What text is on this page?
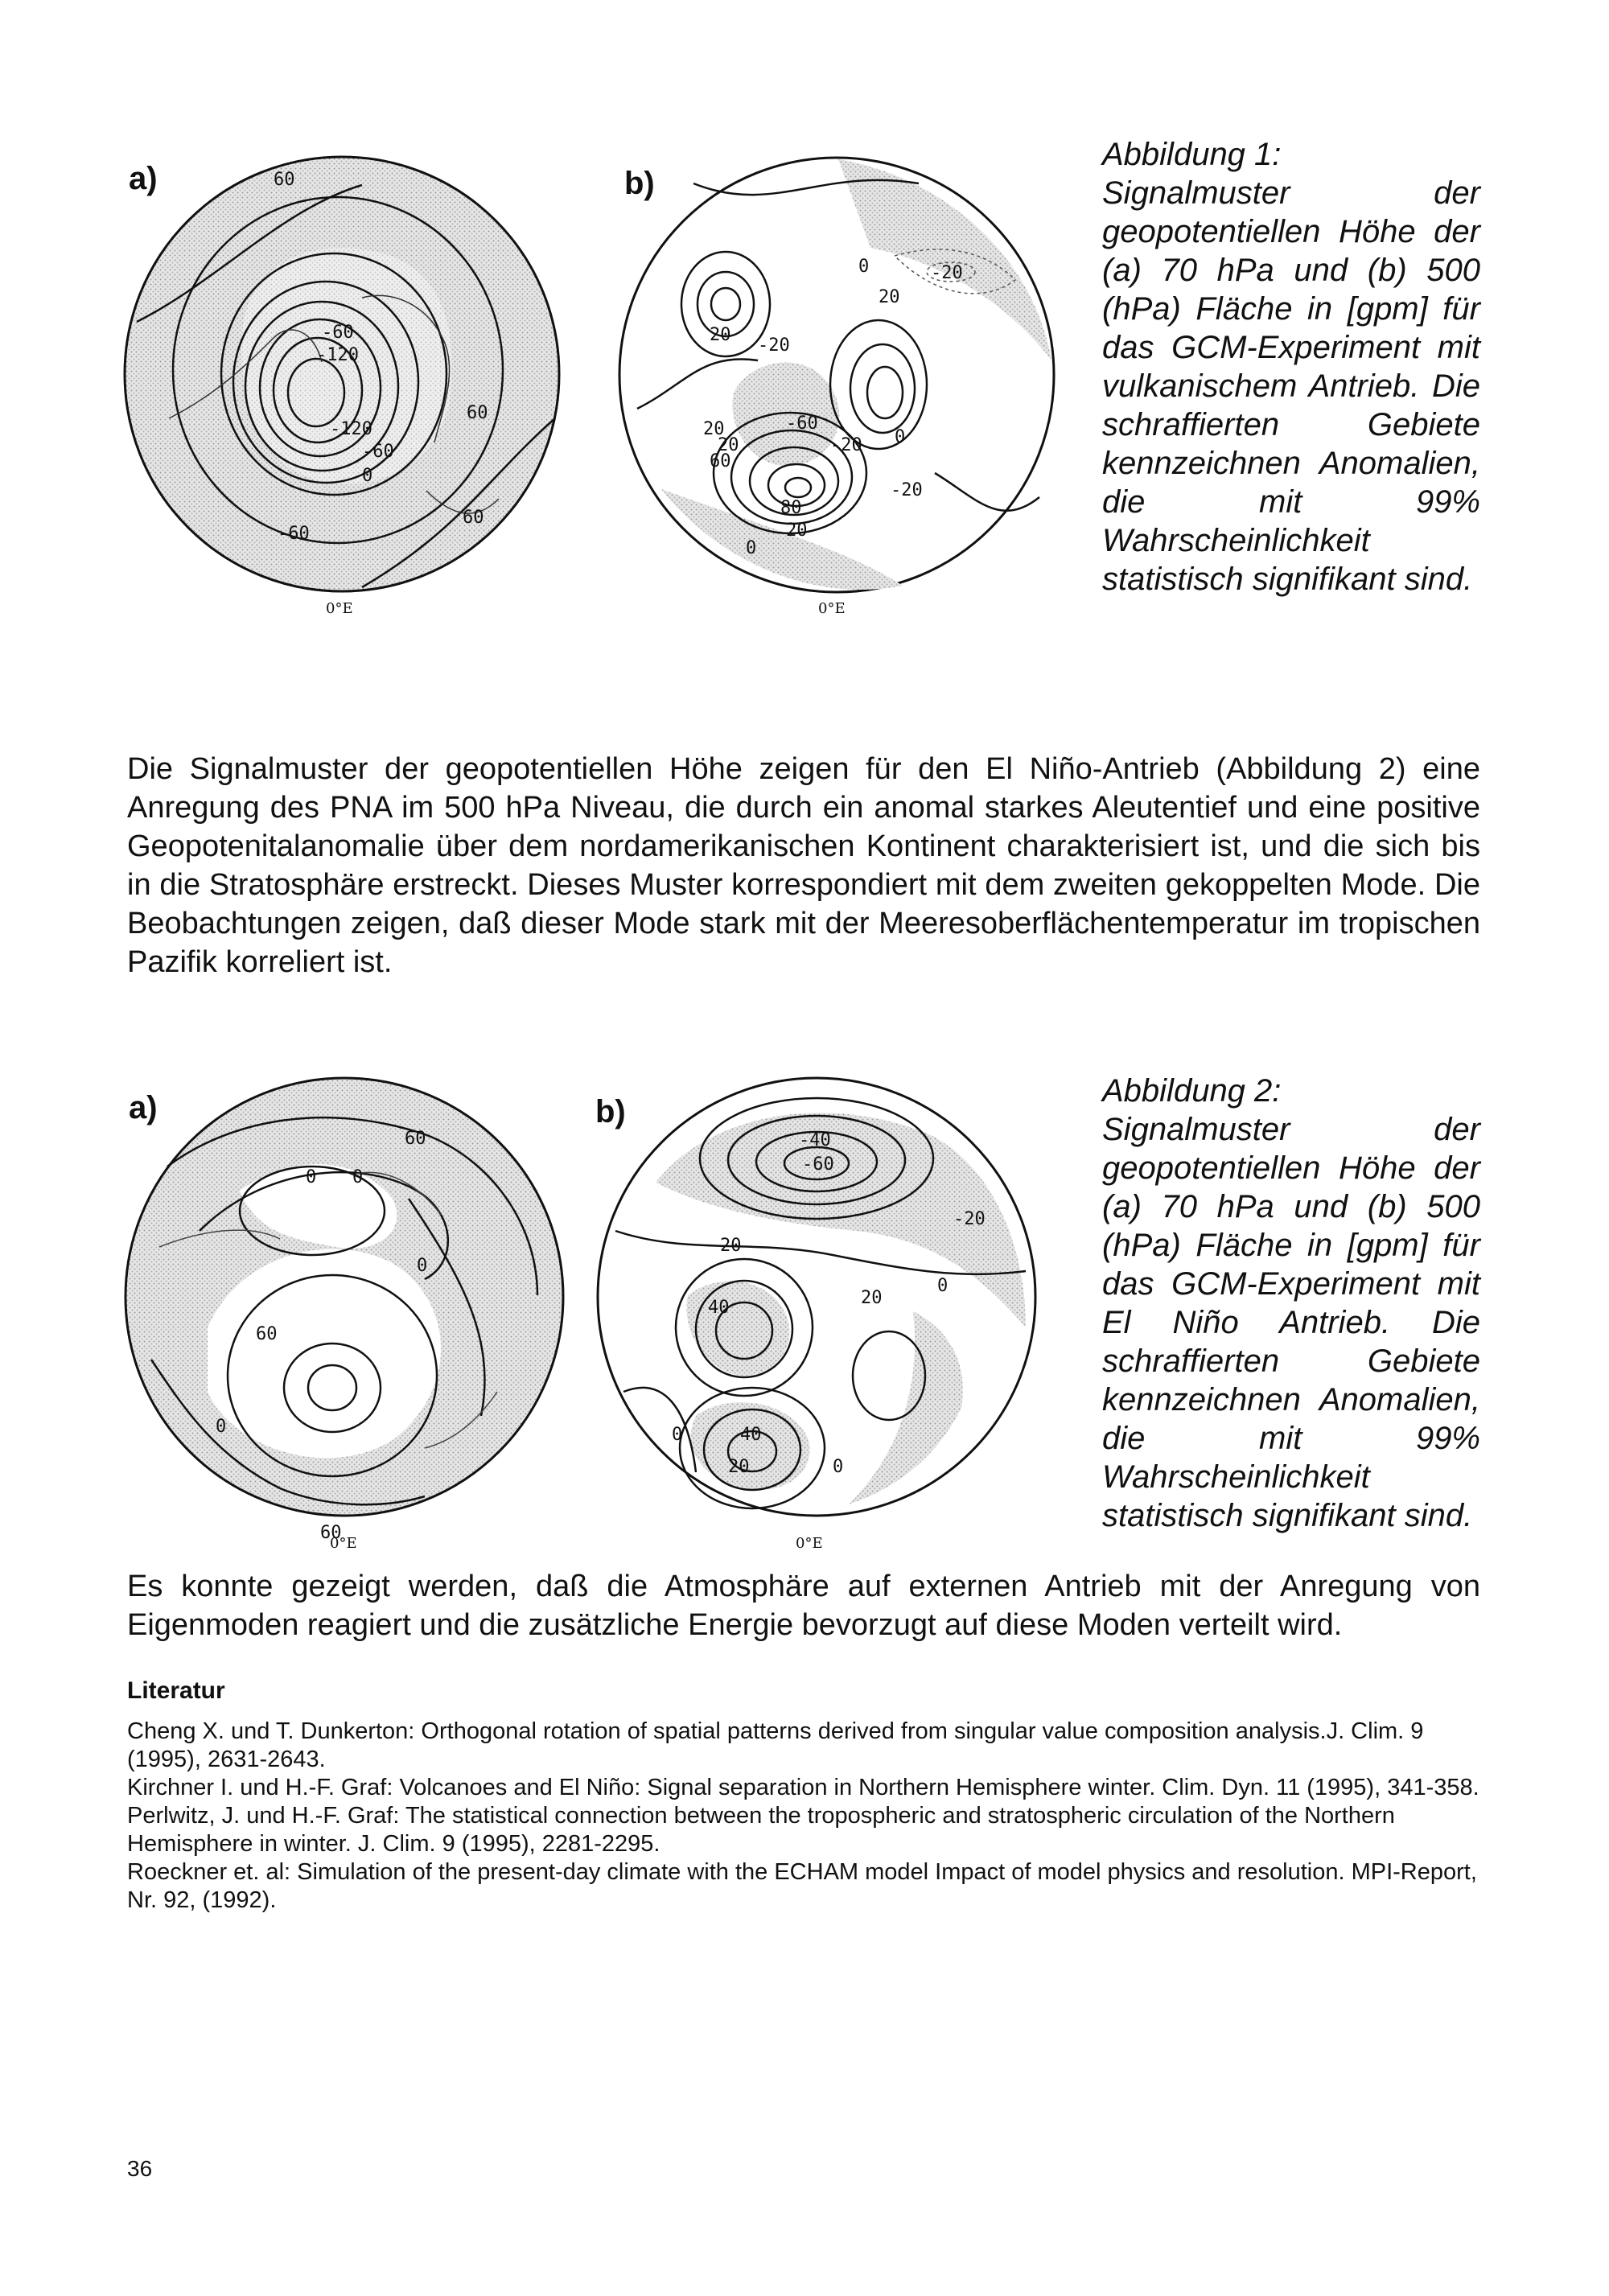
a)	b)
60
-60
-120
-120
-60
0
60
-60
60
0°E
0	-20
20
20
-20
20	-60
20	-20
60
0
-20
80
20
0
0°E
Abbildung 1:
Signalmuster der geopotentiellen Höhe der (a) 70 hPa und (b) 500 (hPa) Fläche in [gpm] für das GCM-Experiment mit vulkanischem Antrieb. Die schraffierten Gebiete kennzeichnen Anomalien, die mit 99% Wahrscheinlichkeit statistisch signifikant sind.
Die Signalmuster der geopotentiellen Höhe zeigen für den El Niño-Antrieb (Abbildung 2) eine Anregung des PNA im 500 hPa Niveau, die durch ein anomal starkes Aleutentief und eine positive Geopotenitalanomalie über dem nordamerikanischen Kontinent charakterisiert ist, und die sich bis in die Stratosphäre erstreckt. Dieses Muster korrespondiert mit dem zweiten gekoppelten Mode. Die Beobachtungen zeigen, daß dieser Mode stark mit der Meeresoberflächentemperatur im tropischen Pazifik korreliert ist.
a)	b)
60
0 0
0
60
0
60
0°E
-40
-60
-20
20
40	20
0
40
20
0
0
0°E
Abbildung 2:
Signalmuster der geopotentiellen Höhe der (a) 70 hPa und (b) 500 (hPa) Fläche in [gpm] für das GCM-Experiment mit El Niño Antrieb. Die schraffierten Gebiete kennzeichnen Anomalien, die mit 99% Wahrscheinlichkeit statistisch signifikant sind.
Es konnte gezeigt werden, daß die Atmosphäre auf externen Antrieb mit der Anregung von Eigenmoden reagiert und die zusätzliche Energie bevorzugt auf diese Moden verteilt wird.
Literatur

Cheng X. und T. Dunkerton: Orthogonal rotation of spatial patterns derived from singular value composition analysis.J. Clim. 9 (1995), 2631-2643.

Kirchner I. und H.-F. Graf: Volcanoes and El Niño: Signal separation in Northern Hemisphere winter. Clim. Dyn. 11 (1995), 341-358.

Perlwitz, J. und H.-F. Graf: The statistical connection between the tropospheric and stratospheric circulation of the Northern Hemisphere in winter. J. Clim. 9 (1995), 2281-2295.

Roeckner et. al: Simulation of the present-day climate with the ECHAM model Impact of model physics and resolution. MPI-Report, Nr. 92, (1992).

36
